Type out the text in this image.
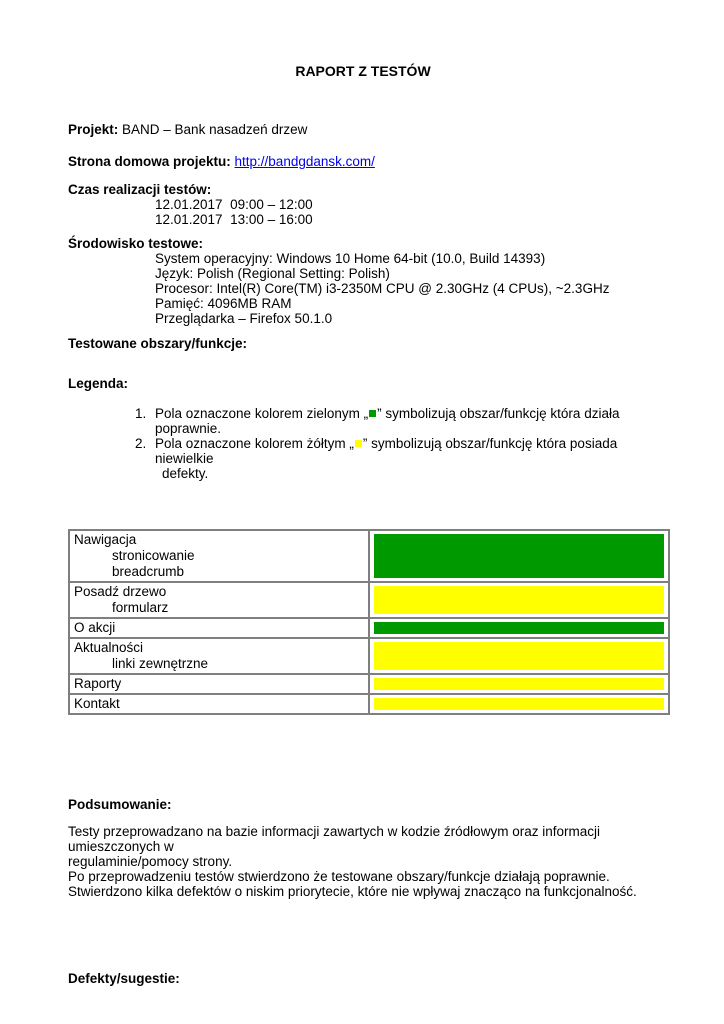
RAPORT Z TESTÓW

Projekt: BAND – Bank nasadzeń drzew

Strona domowa projektu: http://bandgdansk.com/

Czas realizacji testów:

12.01.2017  09:00 – 12:00

12.01.2017  13:00 – 16:00

Środowisko testowe:

System operacyjny: Windows 10 Home 64-bit (10.0, Build 14393)

Język: Polish (Regional Setting: Polish)

Procesor: Intel(R) Core(TM) i3-2350M CPU @ 2.30GHz (4 CPUs), ~2.3GHz

Pamięć: 4096MB RAM

Przeglądarka – Firefox 50.1.0

Testowane obszary/funkcje:

Legenda:

1. Pola oznaczone kolorem zielonym „ ” symbolizują obszar/funkcję która działa poprawnie.
2. Pola oznaczone kolorem żółtym „ ” symbolizują obszar/funkcję która posiada niewielkie

defekty.

Nawigacja
stronicowanie
breadcrumb	

Posadź drzewo
formularz	

O akcji	

Aktualności
linki zewnętrzne	

Raporty	

Kontakt	

Podsumowanie:

Testy przeprowadzano na bazie informacji zawartych w kodzie źródłowym oraz informacji umieszczonych w

regulaminie/pomocy strony.

Po przeprowadzeniu testów stwierdzono że testowane obszary/funkcje działają poprawnie.

Stwierdzono kilka defektów o niskim priorytecie, które nie wpływaj znacząco na funkcjonalność.

Defekty/sugestie:
